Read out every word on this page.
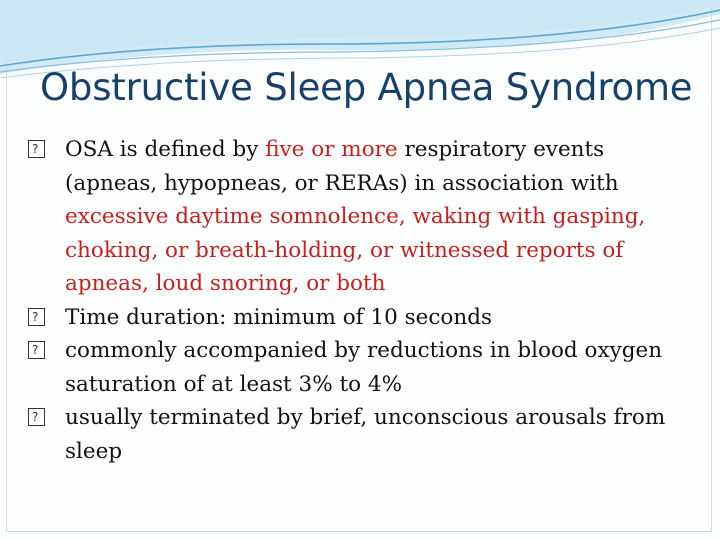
Obstructive Sleep Apnea Syndrome
?
OSA is defined by five or more respiratory events (apneas, hypopneas, or RERAs) in association with excessive daytime somnolence, waking with gasping, choking, or breath-holding, or witnessed reports of apneas, loud snoring, or both
?
Time duration: minimum of 10 seconds
?
commonly accompanied by reductions in blood oxygen saturation of at least 3% to 4%
?
usually terminated by brief, unconscious arousals from sleep
